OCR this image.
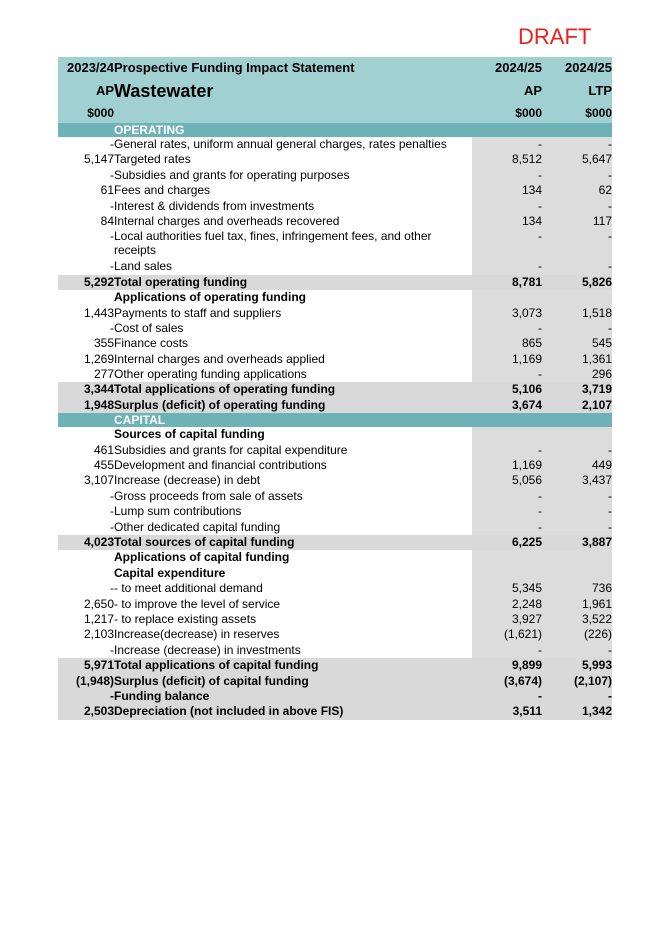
DRAFT
2023/24	Prospective Funding Impact Statement	2024/25	2024/25
AP	Wastewater	AP	LTP
$000		$000	$000
	OPERATING		
-	General rates, uniform annual general charges, rates penalties	-	-
5,147	Targeted rates	8,512	5,647
-	Subsidies and grants for operating purposes	-	-
61	Fees and charges	134	62
-	Interest & dividends from investments	-	-
84	Internal charges and overheads recovered	134	117
-	Local authorities fuel tax, fines, infringement fees, and other receipts	-	-
-	Land sales	-	-
5,292	Total operating funding	8,781	5,826
	Applications of operating funding		
1,443	Payments to staff and suppliers	3,073	1,518
-	Cost of sales	-	-
355	Finance costs	865	545
1,269	Internal charges and overheads applied	1,169	1,361
277	Other operating funding applications	-	296
3,344	Total applications of operating funding	5,106	3,719
1,948	Surplus (deficit) of operating funding	3,674	2,107
	CAPITAL		
	Sources of capital funding		
461	Subsidies and grants for capital expenditure	-	-
455	Development and financial contributions	1,169	449
3,107	Increase (decrease) in debt	5,056	3,437
-	Gross proceeds from sale of assets	-	-
-	Lump sum contributions	-	-
-	Other dedicated capital funding	-	-
4,023	Total sources of capital funding	6,225	3,887
	Applications of capital funding		
	Capital expenditure		
-	- to meet additional demand	5,345	736
2,650	- to improve the level of service	2,248	1,961
1,217	- to replace existing assets	3,927	3,522
2,103	Increase(decrease) in reserves	(1,621)	(226)
-	Increase (decrease) in investments	-	-
5,971	Total applications of capital funding	9,899	5,993
(1,948)	Surplus (deficit) of capital funding	(3,674)	(2,107)
-	Funding balance	-	-
2,503	Depreciation (not included in above FIS)	3,511	1,342
